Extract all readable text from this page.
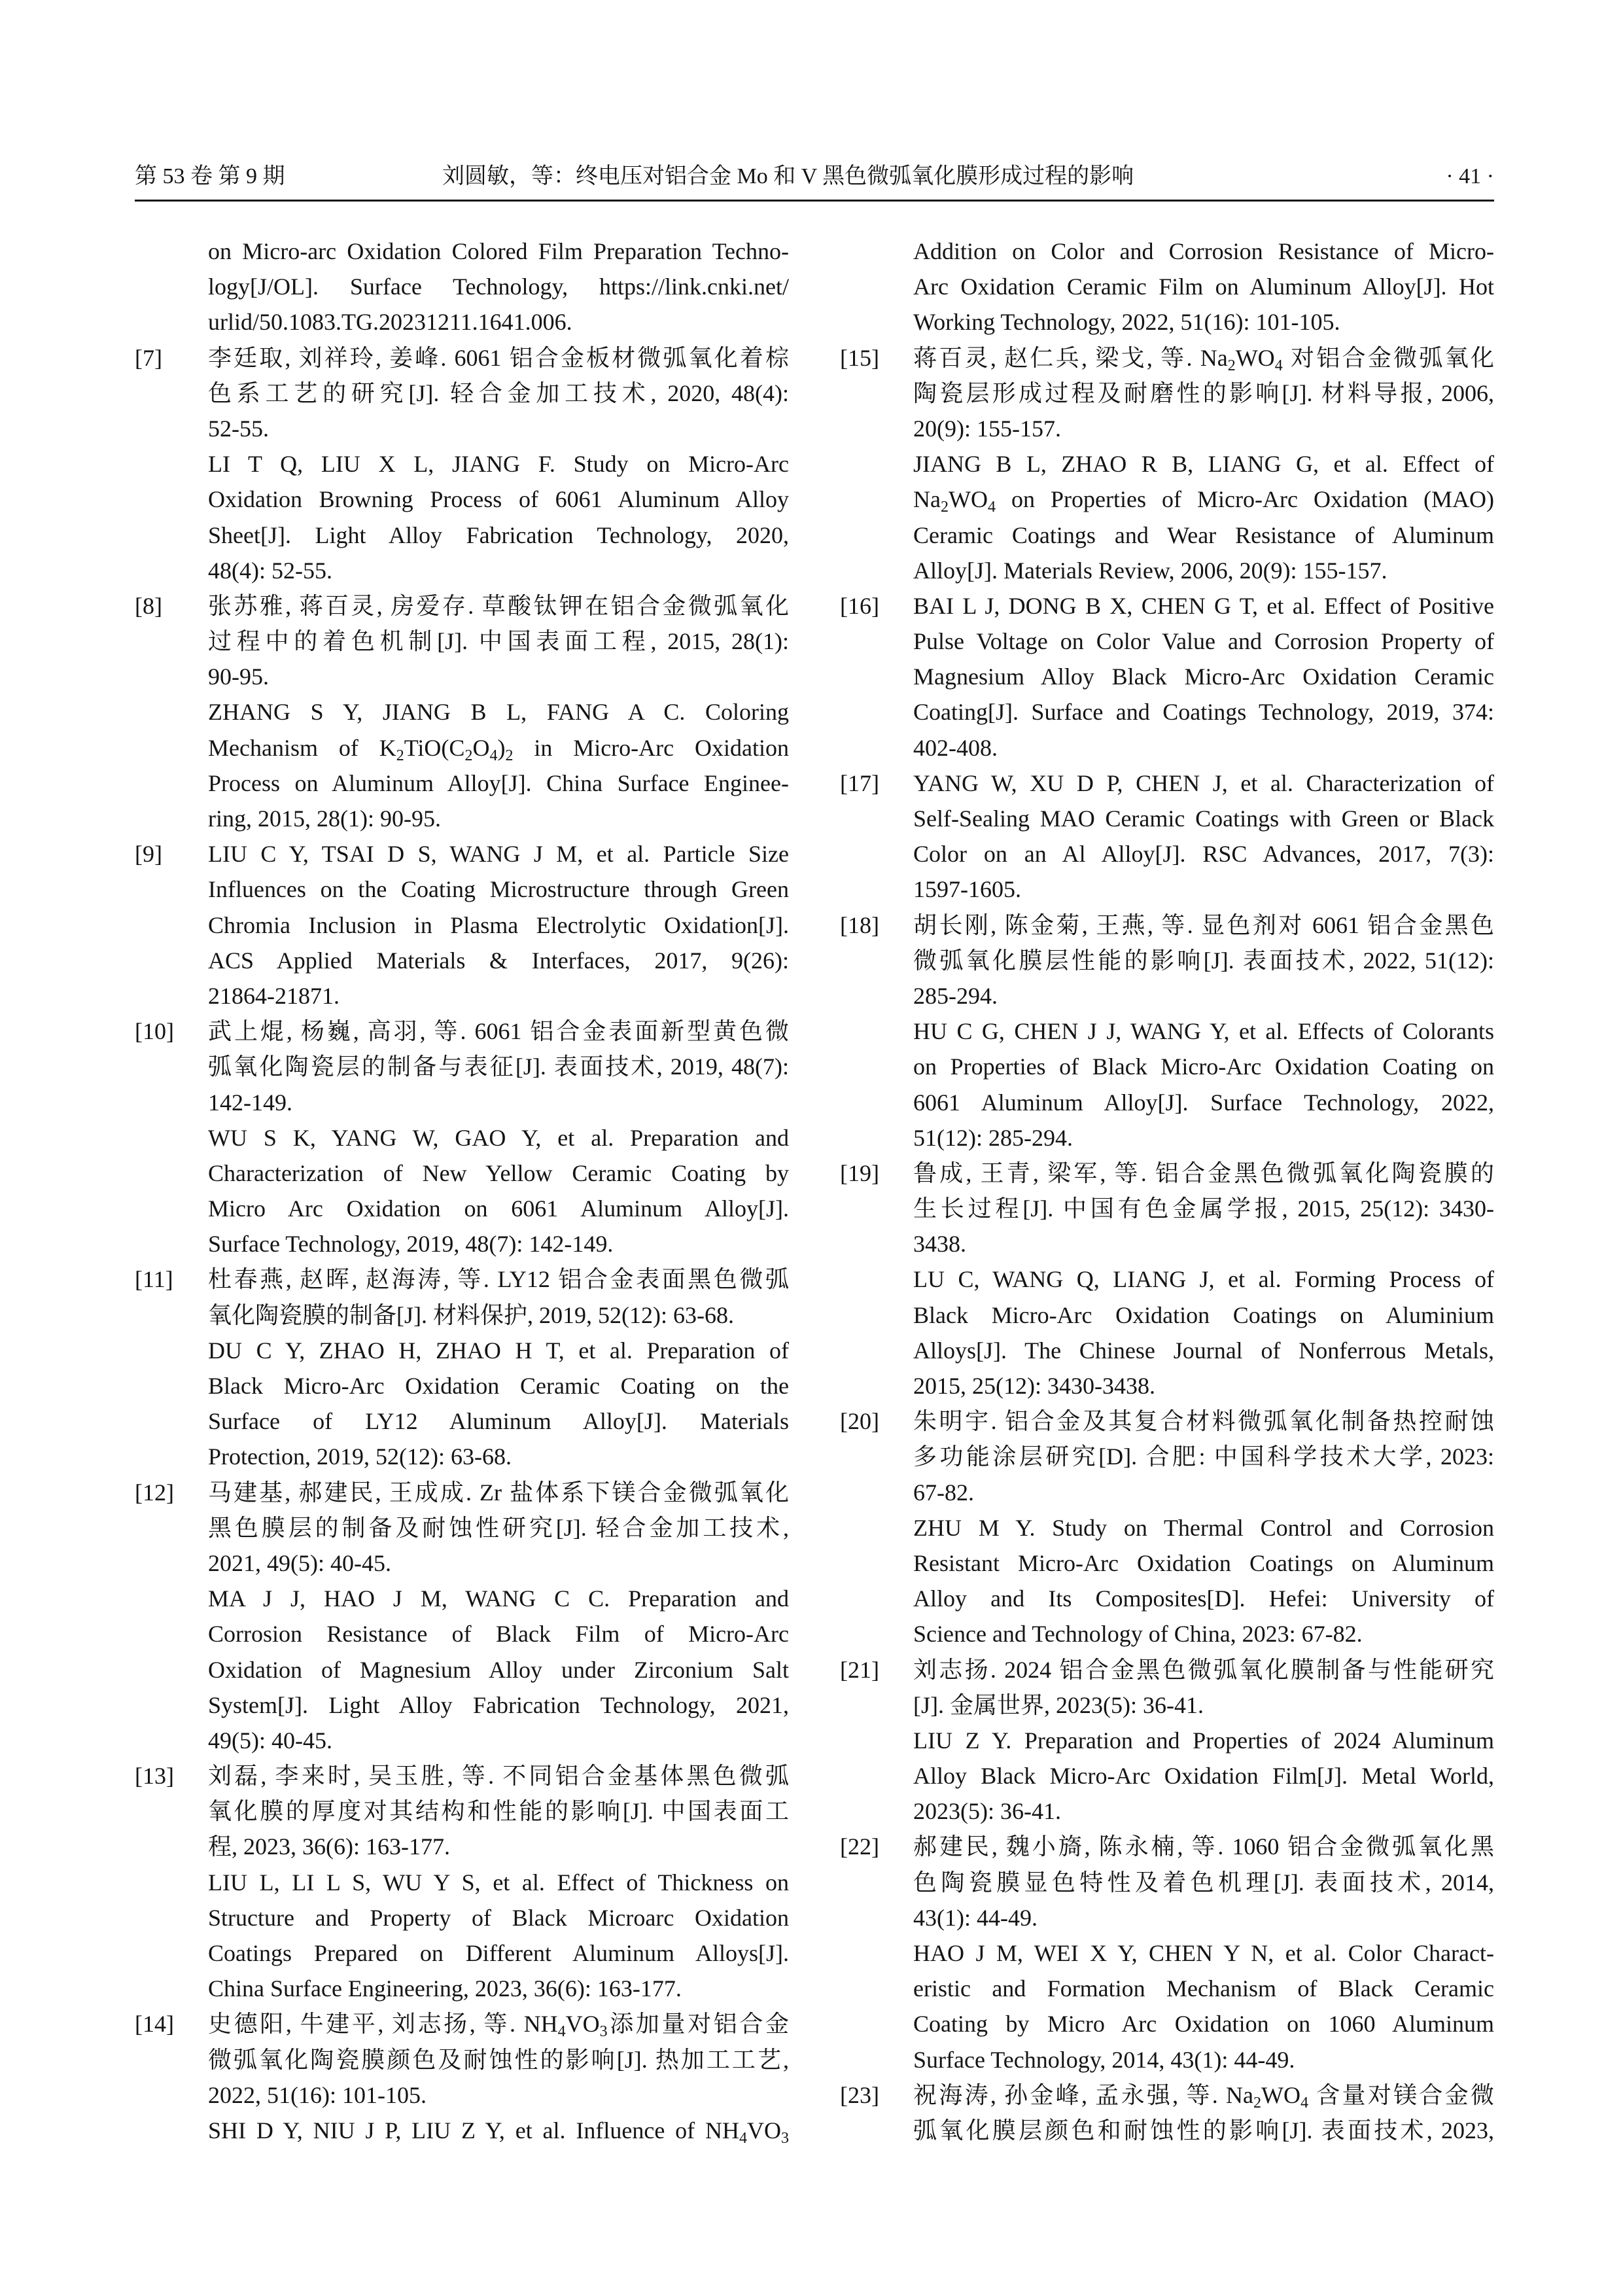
第 53 卷 第 9 期	刘圆敏，等：终电压对铝合金 Mo 和 V 黑色微弧氧化膜形成过程的影响	· 41 ·
on Micro-arc Oxidation Colored Film Preparation Techno-
logy[J/OL]. Surface Technology, https://link.cnki.net/
urlid/50.1083.TG.20231211.1641.006.
[7] 李廷取, 刘祥玲, 姜峰. 6061 铝合金板材微弧氧化着棕
色系工艺的研究[J]. 轻合金加工技术, 2020, 48(4):
52-55.
LI T Q, LIU X L, JIANG F. Study on Micro-Arc
Oxidation Browning Process of 6061 Aluminum Alloy
Sheet[J]. Light Alloy Fabrication Technology, 2020,
48(4): 52-55.
[8] 张苏雅, 蒋百灵, 房爱存. 草酸钛钾在铝合金微弧氧化
过程中的着色机制[J]. 中国表面工程, 2015, 28(1):
90-95.
ZHANG S Y, JIANG B L, FANG A C. Coloring
Mechanism of $K_2TiO(C_2O_4)_2$ in Micro-Arc Oxidation
Process on Aluminum Alloy[J]. China Surface Enginee-
ring, 2015, 28(1): 90-95.
[9] LIU C Y, TSAI D S, WANG J M, et al. Particle Size
Influences on the Coating Microstructure through Green
Chromia Inclusion in Plasma Electrolytic Oxidation[J].
ACS Applied Materials & Interfaces, 2017, 9(26):
21864-21871.
[10] 武上焜, 杨巍, 高羽, 等. 6061 铝合金表面新型黄色微
弧氧化陶瓷层的制备与表征[J]. 表面技术, 2019, 48(7):
142-149.
WU S K, YANG W, GAO Y, et al. Preparation and
Characterization of New Yellow Ceramic Coating by
Micro Arc Oxidation on 6061 Aluminum Alloy[J].
Surface Technology, 2019, 48(7): 142-149.
[11] 杜春燕, 赵晖, 赵海涛, 等. LY12 铝合金表面黑色微弧
氧化陶瓷膜的制备[J]. 材料保护, 2019, 52(12): 63-68.
DU C Y, ZHAO H, ZHAO H T, et al. Preparation of
Black Micro-Arc Oxidation Ceramic Coating on the
Surface of LY12 Aluminum Alloy[J]. Materials
Protection, 2019, 52(12): 63-68.
[12] 马建基, 郝建民, 王成成. Zr 盐体系下镁合金微弧氧化
黑色膜层的制备及耐蚀性研究[J]. 轻合金加工技术,
2021, 49(5): 40-45.
MA J J, HAO J M, WANG C C. Preparation and
Corrosion Resistance of Black Film of Micro-Arc
Oxidation of Magnesium Alloy under Zirconium Salt
System[J]. Light Alloy Fabrication Technology, 2021,
49(5): 40-45.
[13] 刘磊, 李来时, 吴玉胜, 等. 不同铝合金基体黑色微弧
氧化膜的厚度对其结构和性能的影响[J]. 中国表面工
程, 2023, 36(6): 163-177.
LIU L, LI L S, WU Y S, et al. Effect of Thickness on
Structure and Property of Black Microarc Oxidation
Coatings Prepared on Different Aluminum Alloys[J].
China Surface Engineering, 2023, 36(6): 163-177.
[14] 史德阳, 牛建平, 刘志扬, 等. $NH_4VO_3$添加量对铝合金
微弧氧化陶瓷膜颜色及耐蚀性的影响[J]. 热加工工艺,
2022, 51(16): 101-105.
SHI D Y, NIU J P, LIU Z Y, et al. Influence of $NH_4VO_3$
Addition on Color and Corrosion Resistance of Micro-
Arc Oxidation Ceramic Film on Aluminum Alloy[J]. Hot
Working Technology, 2022, 51(16): 101-105.
[15] 蒋百灵, 赵仁兵, 梁戈, 等. $Na_2WO_4$ 对铝合金微弧氧化
陶瓷层形成过程及耐磨性的影响[J]. 材料导报, 2006,
20(9): 155-157.
JIANG B L, ZHAO R B, LIANG G, et al. Effect of
$Na_2WO_4$ on Properties of Micro-Arc Oxidation (MAO)
Ceramic Coatings and Wear Resistance of Aluminum
Alloy[J]. Materials Review, 2006, 20(9): 155-157.
[16] BAI L J, DONG B X, CHEN G T, et al. Effect of Positive
Pulse Voltage on Color Value and Corrosion Property of
Magnesium Alloy Black Micro-Arc Oxidation Ceramic
Coating[J]. Surface and Coatings Technology, 2019, 374:
402-408.
[17] YANG W, XU D P, CHEN J, et al. Characterization of
Self-Sealing MAO Ceramic Coatings with Green or Black
Color on an Al Alloy[J]. RSC Advances, 2017, 7(3):
1597-1605.
[18] 胡长刚, 陈金菊, 王燕, 等. 显色剂对 6061 铝合金黑色
微弧氧化膜层性能的影响[J]. 表面技术, 2022, 51(12):
285-294.
HU C G, CHEN J J, WANG Y, et al. Effects of Colorants
on Properties of Black Micro-Arc Oxidation Coating on
6061 Aluminum Alloy[J]. Surface Technology, 2022,
51(12): 285-294.
[19] 鲁成, 王青, 梁军, 等. 铝合金黑色微弧氧化陶瓷膜的
生长过程[J]. 中国有色金属学报, 2015, 25(12): 3430-
3438.
LU C, WANG Q, LIANG J, et al. Forming Process of
Black Micro-Arc Oxidation Coatings on Aluminium
Alloys[J]. The Chinese Journal of Nonferrous Metals,
2015, 25(12): 3430-3438.
[20] 朱明宇. 铝合金及其复合材料微弧氧化制备热控耐蚀
多功能涂层研究[D]. 合肥: 中国科学技术大学, 2023:
67-82.
ZHU M Y. Study on Thermal Control and Corrosion
Resistant Micro-Arc Oxidation Coatings on Aluminum
Alloy and Its Composites[D]. Hefei: University of
Science and Technology of China, 2023: 67-82.
[21] 刘志扬. 2024 铝合金黑色微弧氧化膜制备与性能研究
[J]. 金属世界, 2023(5): 36-41.
LIU Z Y. Preparation and Properties of 2024 Aluminum
Alloy Black Micro-Arc Oxidation Film[J]. Metal World,
2023(5): 36-41.
[22] 郝建民, 魏小旖, 陈永楠, 等. 1060 铝合金微弧氧化黑
色陶瓷膜显色特性及着色机理[J]. 表面技术, 2014,
43(1): 44-49.
HAO J M, WEI X Y, CHEN Y N, et al. Color Charact-
eristic and Formation Mechanism of Black Ceramic
Coating by Micro Arc Oxidation on 1060 Aluminum
Surface Technology, 2014, 43(1): 44-49.
[23] 祝海涛, 孙金峰, 孟永强, 等. $Na_2WO_4$ 含量对镁合金微
弧氧化膜层颜色和耐蚀性的影响[J]. 表面技术, 2023,
